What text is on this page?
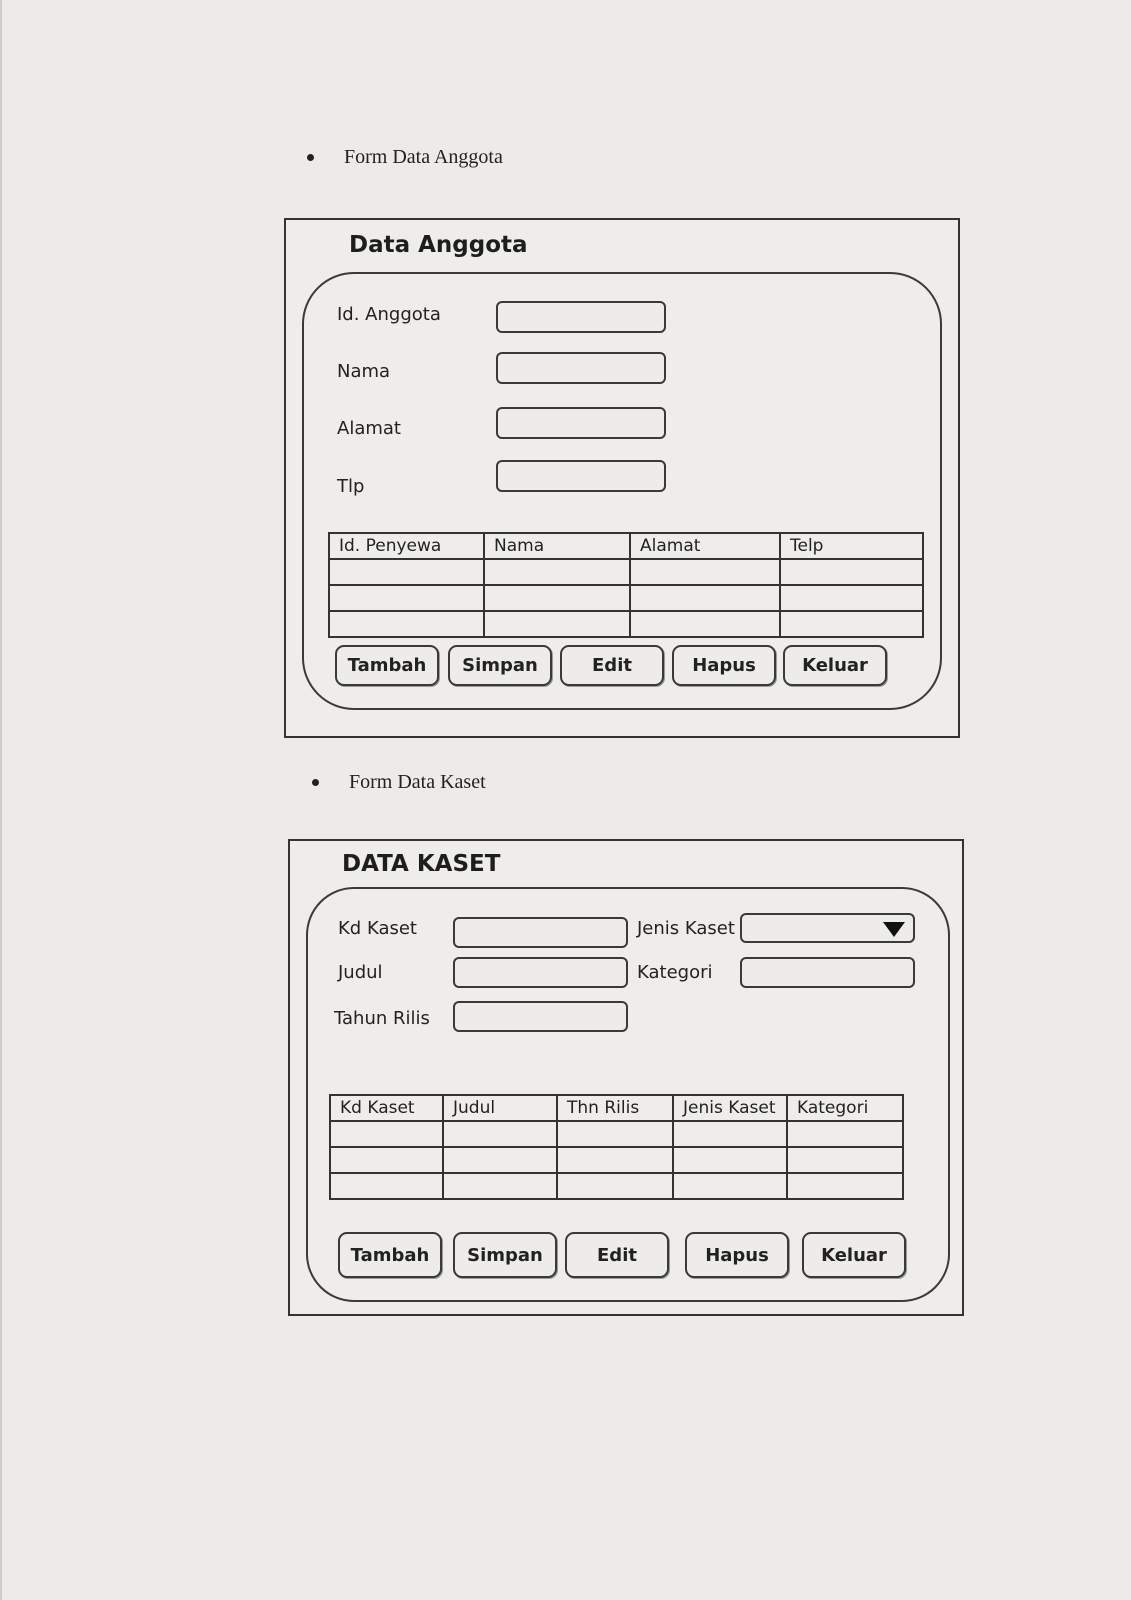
Form Data Anggota
Data Anggota
Id. Anggota
Nama
Alamat
Tlp
Id. Penyewa	Nama	Alamat	Telp

Tambah	Simpan	Edit	Hapus	Keluar
Form Data Kaset
DATA KASET
Kd Kaset
Judul
Tahun Rilis
Jenis Kaset
Kategori
Kd Kaset	Judul	Thn Rilis	Jenis Kaset	Kategori

Tambah	Simpan	Edit	Hapus	Keluar
